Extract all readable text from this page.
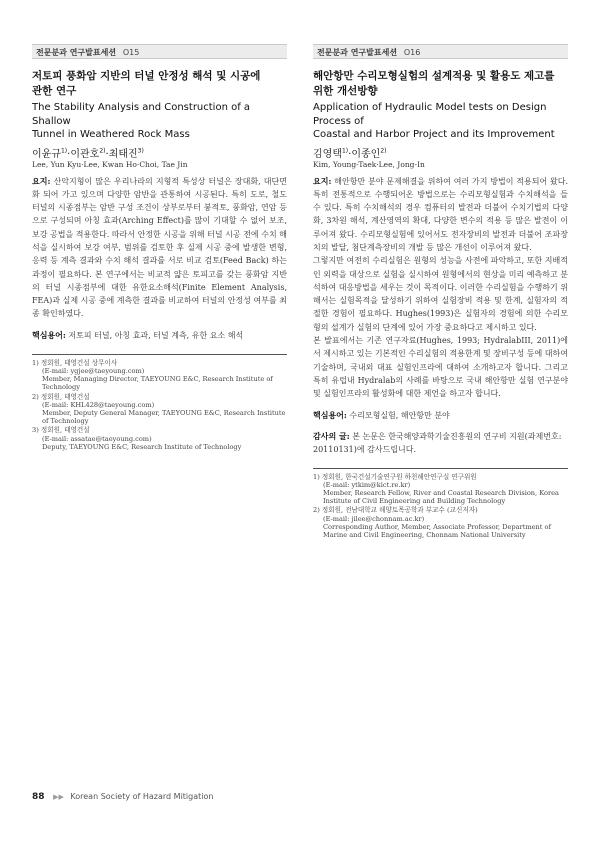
전문분과 연구발표세션 O15
저토피 풍화암 지반의 터널 안정성 해석 및 시공에
관한 연구
The Stability Analysis and Construction of a Shallow
Tunnel in Weathered Rock Mass
이윤규$^{1)}$·이관호$^{2)}$·최태진$^{3)}$
Lee, Yun Kyu·Lee, Kwan Ho·Choi, Tae Jin
요지: 산악지형이 많은 우리나라의 지형적 특성상 터널은 장대화, 대단면화 되어 가고 있으며 다양한 암반을 관통하여 시공된다. 특히 도로, 철도 터널의 시종점부는 암반 구성 조건이 상부로부터 붕적토, 풍화암, 연암 등으로 구성되며 아칭 효과(Arching Effect)를 많이 기대할 수 없어 보조, 보강 공법을 적용한다. 따라서 안정한 시공을 위해 터널 시공 전에 수치 해석을 실시하여 보강 여부, 범위를 검토한 후 실제 시공 중에 발생한 변형, 응력 등 계측 결과와 수치 해석 결과를 서로 비교 검토(Feed Back) 하는 과정이 필요하다. 본 연구에서는 비교적 얇은 토피고를 갖는 풍화암 지반의 터널 시종점부에 대한 유한요소해석(Finite Element Analysis, FEA)과 실제 시공 중에 계측한 결과를 비교하여 터널의 안정성 여부를 최종 확인하였다.
핵심용어: 저토피 터널, 아칭 효과, 터널 계측, 유한 요소 해석
1) 정회원, 태영건설 상무이사
(E-mail: ygjee@taeyoung.com)
Member, Managing Director, TAEYOUNG E&C, Research Institute of Technology
2) 정회원, 태영건설
(E-mail: KHL428@taeyoung.com)
Member, Deputy General Manager, TAEYOUNG E&C, Research Institute of Technology
3) 정회원, 태영건설
(E-mail: assatae@taeyoung.com)
Deputy, TAEYOUNG E&C, Research Institute of Technology
전문분과 연구발표세션 O16
해안항만 수리모형실험의 설계적용 및 활용도 제고를
위한 개선방향
Application of Hydraulic Model tests on Design Process of
Coastal and Harbor Project and its Improvement
김영택$^{1)}$·이종인$^{2)}$
Kim, Young-Taek·Lee, Jong-In
요지: 해안항만 분야 문제해결을 위하여 여러 가지 방법이 적용되어 왔다. 특히 전통적으로 수행되어온 방법으로는 수리모형실험과 수치해석을 들 수 있다. 특히 수치해석의 경우 컴퓨터의 발전과 더불어 수치기법의 다양화, 3차원 해석, 계산영역의 확대, 다양한 변수의 적용 등 많은 발전이 이루어져 왔다. 수리모형실험에 있어서도 전자장비의 발전과 더불어 조파장치의 발달, 첨단계측장비의 개발 등 많은 개선이 이루어져 왔다.
그렇지만 여전히 수리실험은 원형의 성능을 사전에 파악하고, 또한 지배적인 외력을 대상으로 실험을 실시하여 원형에서의 현상을 미리 예측하고 분석하여 대응방법을 세우는 것이 목적이다. 이러한 수리실험을 수행하기 위해서는 실험목적을 달성하기 위하여 실험장비 적용 및 한계, 실험자의 적절한 경험이 필요하다. Hughes(1993)은 실험자의 경험에 의한 수리모형의 설계가 실험의 단계에 있어 가장 중요하다고 제시하고 있다.
본 발표에서는 기존 연구자료(Hughes, 1993; HydralabIII, 2011)에서 제시하고 있는 기본적인 수리실험의 적용한계 및 장비구성 등에 대하여 기술하며, 국내외 대표 실험인프라에 대하여 소개하고자 합니다. 그리고 특히 유럽내 Hydralab의 사례를 바탕으로 국내 해안항만 실험 연구분야 및 실험인프라의 활성화에 대한 제언을 하고자 합니다.
핵심용어: 수리모형실험, 해안항만 분야
감사의 글: 본 논문은 한국해양과학기술진흥원의 연구비 지원(과제번호: 20110131)에 감사드립니다.
1) 정회원, 한국건설기술연구원 하천해안연구실 연구위원
(E-mail: ytkim@kict.re.kr)
Member, Research Fellow, River and Coastal Research Division, Korea Institute of Civil Engineering and Building Technology
2) 정회원, 전남대학교 해양토목공학과 부교수 (교신저자)
(E-mail: jilee@chonnam.ac.kr)
Corresponding Author, Member, Associate Professor, Department of Marine and Civil Engineering, Chonnam National University
88 ▶▶ Korean Society of Hazard Mitigation
